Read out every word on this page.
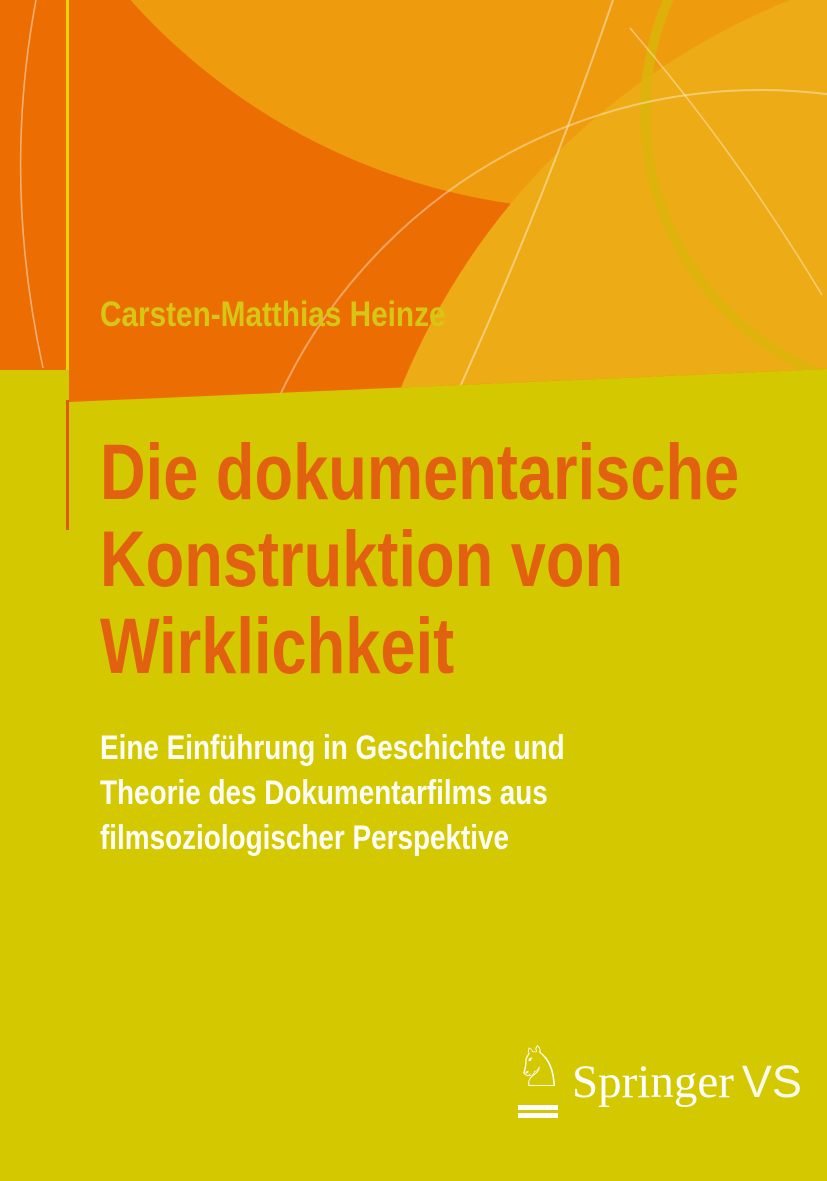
Carsten-Matthias Heinze
Die dokumentarische
Konstruktion von
Wirklichkeit
Eine Einführung in Geschichte und
Theorie des Dokumentarfilms aus
filmsoziologischer Perspektive
♘ Springer VS
